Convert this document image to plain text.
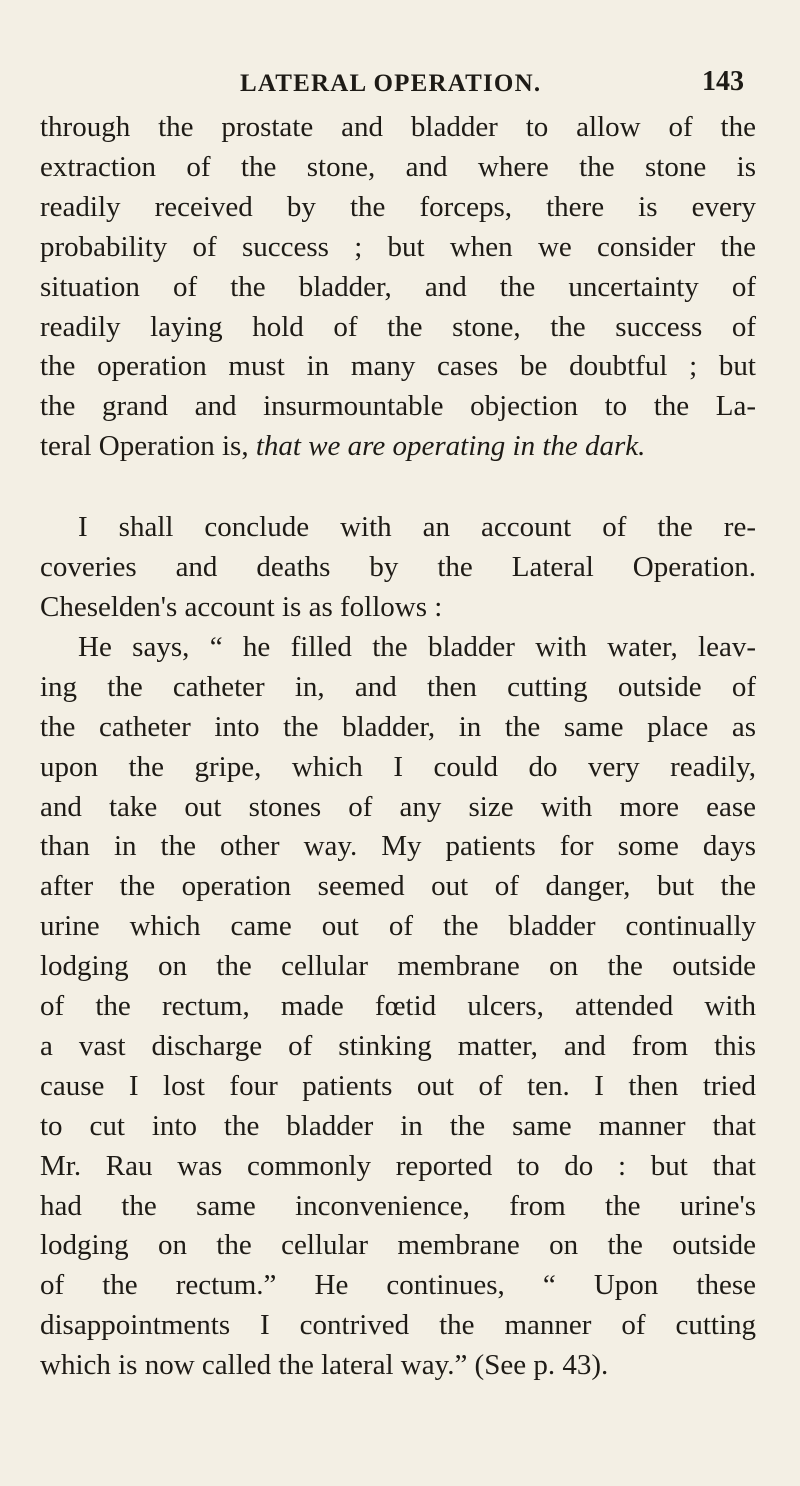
LATERAL OPERATION.	143
through the prostate and bladder to allow of the
extraction of the stone, and where the stone is
readily received by the forceps, there is every
probability of success ; but when we consider the
situation of the bladder, and the uncertainty of
readily laying hold of the stone, the success of
the operation must in many cases be doubtful ; but
the grand and insurmountable objection to the La-
teral Operation is, that we are operating in the dark.
I shall conclude with an account of the re-
coveries and deaths by the Lateral Operation.
Cheselden's account is as follows :
He says, “ he filled the bladder with water, leav-
ing the catheter in, and then cutting outside of
the catheter into the bladder, in the same place as
upon the gripe, which I could do very readily,
and take out stones of any size with more ease
than in the other way. My patients for some days
after the operation seemed out of danger, but the
urine which came out of the bladder continually
lodging on the cellular membrane on the outside
of the rectum, made fœtid ulcers, attended with
a vast discharge of stinking matter, and from this
cause I lost four patients out of ten. I then tried
to cut into the bladder in the same manner that
Mr. Rau was commonly reported to do : but that
had the same inconvenience, from the urine's
lodging on the cellular membrane on the outside
of the rectum.” He continues, “ Upon these
disappointments I contrived the manner of cutting
which is now called the lateral way.” (See p. 43).
